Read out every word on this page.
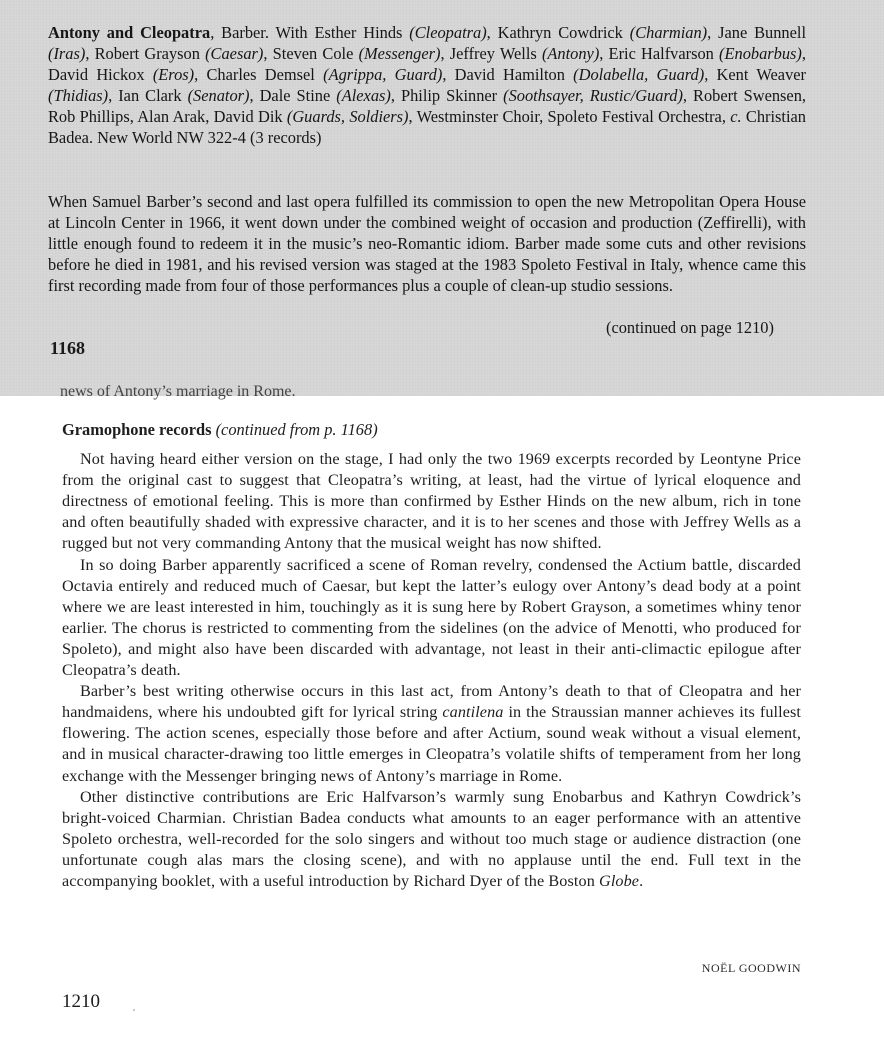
Antony and Cleopatra, Barber. With Esther Hinds (Cleopatra), Kathryn Cowdrick (Charmian), Jane Bunnell (Iras), Robert Grayson (Caesar), Steven Cole (Messenger), Jeffrey Wells (Antony), Eric Halfvarson (Enobarbus), David Hickox (Eros), Charles Demsel (Agrippa, Guard), David Hamilton (Dolabella, Guard), Kent Weaver (Thidias), Ian Clark (Senator), Dale Stine (Alexas), Philip Skinner (Soothsayer, Rustic/Guard), Robert Swensen, Rob Phillips, Alan Arak, David Dik (Guards, Soldiers), Westminster Choir, Spoleto Festival Orchestra, c. Christian Badea. New World NW 322-4 (3 records)

When Samuel Barber’s second and last opera fulfilled its commission to open the new Metropolitan Opera House at Lincoln Center in 1966, it went down under the combined weight of occasion and production (Zeffirelli), with little enough found to redeem it in the music’s neo-Romantic idiom. Barber made some cuts and other revisions before he died in 1981, and his revised version was staged at the 1983 Spoleto Festival in Italy, whence came this first recording made from four of those performances plus a couple of clean-up studio sessions.

(continued on page 1210)

1168

news of Antony’s marriage in Rome.

Gramophone records (continued from p. 1168)

Not having heard either version on the stage, I had only the two 1969 excerpts recorded by Leontyne Price from the original cast to suggest that Cleopatra’s writing, at least, had the virtue of lyrical eloquence and directness of emotional feeling. This is more than confirmed by Esther Hinds on the new album, rich in tone and often beautifully shaded with expressive character, and it is to her scenes and those with Jeffrey Wells as a rugged but not very commanding Antony that the musical weight has now shifted.

In so doing Barber apparently sacrificed a scene of Roman revelry, condensed the Actium battle, discarded Octavia entirely and reduced much of Caesar, but kept the latter’s eulogy over Antony’s dead body at a point where we are least interested in him, touchingly as it is sung here by Robert Grayson, a sometimes whiny tenor earlier. The chorus is restricted to commenting from the sidelines (on the advice of Menotti, who produced for Spoleto), and might also have been discarded with advantage, not least in their anti-climactic epilogue after Cleopatra’s death.

Barber’s best writing otherwise occurs in this last act, from Antony’s death to that of Cleopatra and her handmaidens, where his undoubted gift for lyrical string cantilena in the Straussian manner achieves its fullest flowering. The action scenes, especially those before and after Actium, sound weak without a visual element, and in musical character-drawing too little emerges in Cleopatra’s volatile shifts of temperament from her long exchange with the Messenger bringing news of Antony’s marriage in Rome.

Other distinctive contributions are Eric Halfvarson’s warmly sung Enobarbus and Kathryn Cowdrick’s bright-voiced Charmian. Christian Badea conducts what amounts to an eager performance with an attentive Spoleto orchestra, well-recorded for the solo singers and without too much stage or audience distraction (one unfortunate cough alas mars the closing scene), and with no applause until the end. Full text in the accompanying booklet, with a useful introduction by Richard Dyer of the Boston Globe.

NOËL GOODWIN

1210
